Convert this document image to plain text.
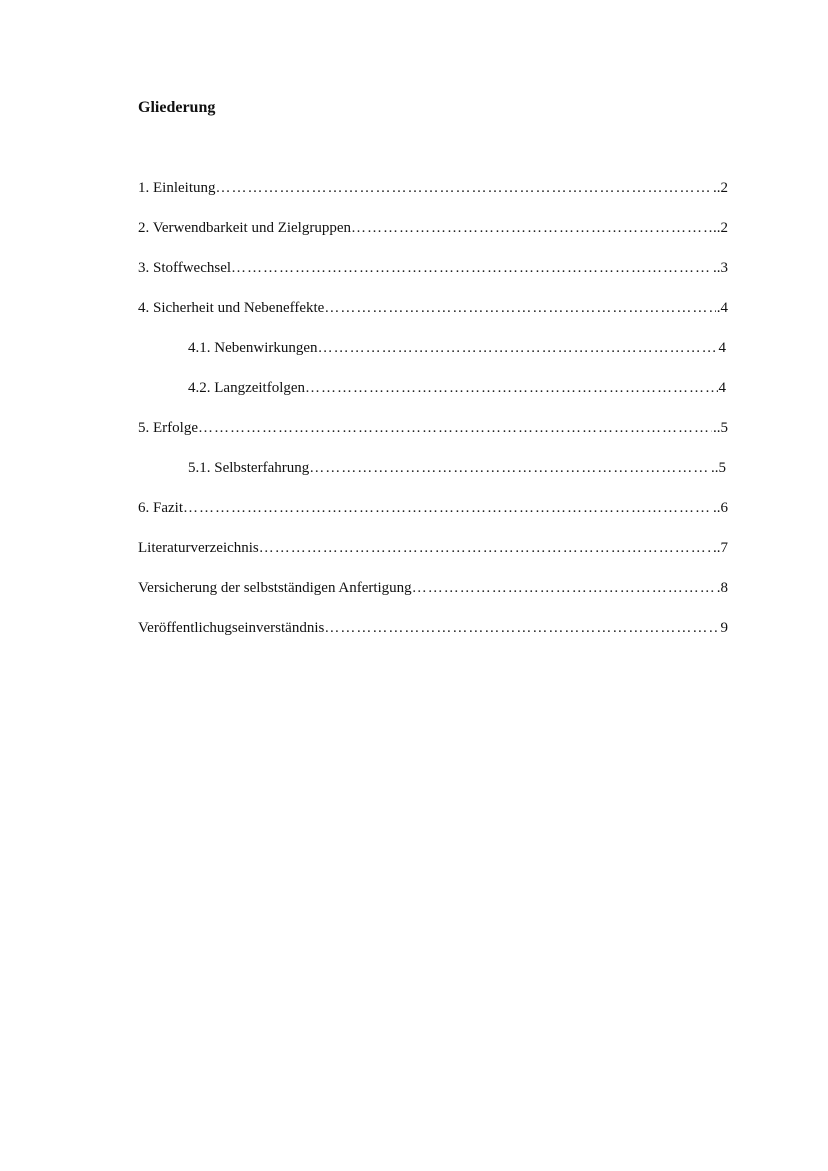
Gliederung
1. Einleitung …………………………………………………………………………………………………………………………………………………………………………	..2
2. Verwendbarkeit und Zielgruppen …………………………………………………………………………………………………………………………………………………………………………	..2
3. Stoffwechsel …………………………………………………………………………………………………………………………………………………………………………	..3
4. Sicherheit und Nebeneffekte …………………………………………………………………………………………………………………………………………………………………………	.4
4.1. Nebenwirkungen …………………………………………………………………………………………………………………………………………………………………………	4
4.2. Langzeitfolgen …………………………………………………………………………………………………………………………………………………………………………	4
5. Erfolge …………………………………………………………………………………………………………………………………………………………………………	..5
5.1. Selbsterfahrung …………………………………………………………………………………………………………………………………………………………………………	..5
6. Fazit …………………………………………………………………………………………………………………………………………………………………………	..6
Literaturverzeichnis …………………………………………………………………………………………………………………………………………………………………………	..7
Versicherung der selbstständigen Anfertigung …………………………………………………………………………………………………………………………………………………………………………	.8
Veröffentlichugseinverständnis …………………………………………………………………………………………………………………………………………………………………………	9
